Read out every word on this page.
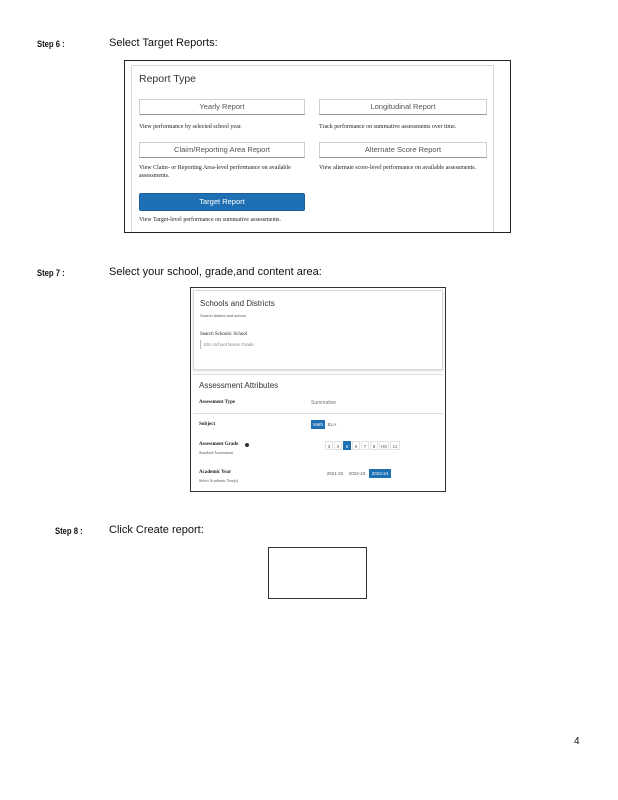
Step 6 :	Select Target Reports:
Report Type
Yearly Report
View performance by selected school year.
Longitudinal Report
Track performance on summative assessments over time.
Claim/Reporting Area Report
View Claim- or Reporting Area-level performance on available assessments.
Alternate Score Report
View alternate score-level performance on available assessments.
Target Report
View Target-level performance on summative assessments.
Step 7 :	Select your school, grade,and content area:
Schools and Districts
Search district and school
Search Schools: School
Elm School Name Grade
Assessment Attributes
Assessment Type	Summative
Subject	Math	ELA
Assessment Grade
Standard Assessment
3	4	5	6	7	8	HS	11
Academic Year
Select Academic Year(s)
2021-22	2022-23	2023-24
Step 8 : Click Create report:
4
